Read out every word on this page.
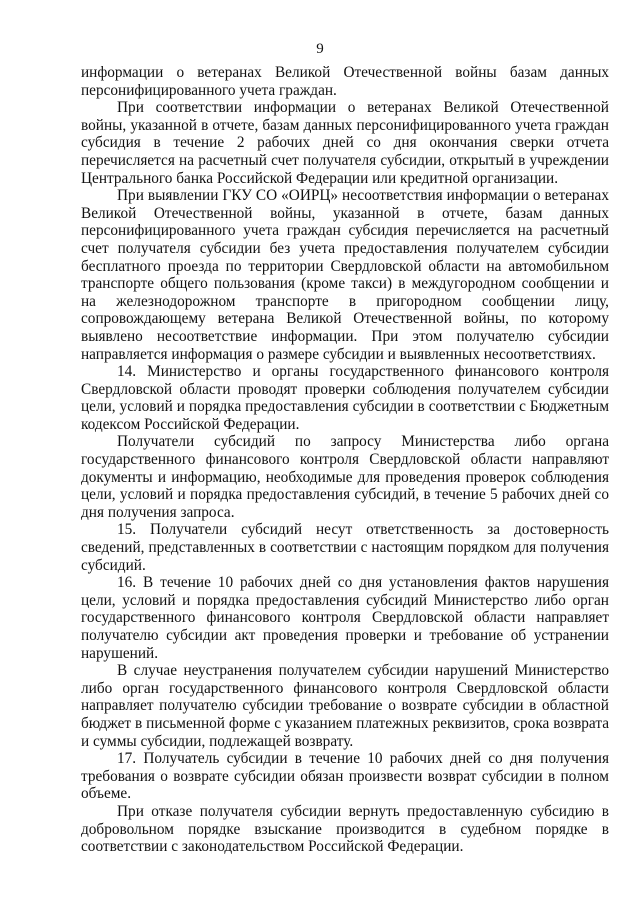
9

информации о ветеранах Великой Отечественной войны базам данных персонифицированного учета граждан.

При соответствии информации о ветеранах Великой Отечественной войны, указанной в отчете, базам данных персонифицированного учета граждан субсидия в течение 2 рабочих дней со дня окончания сверки отчета перечисляется на расчетный счет получателя субсидии, открытый в учреждении Центрального банка Российской Федерации или кредитной организации.

При выявлении ГКУ СО «ОИРЦ» несоответствия информации о ветеранах Великой Отечественной войны, указанной в отчете, базам данных персонифицированного учета граждан субсидия перечисляется на расчетный счет получателя субсидии без учета предоставления получателем субсидии бесплатного проезда по территории Свердловской области на автомобильном транспорте общего пользования (кроме такси) в междугородном сообщении и на железнодорожном транспорте в пригородном сообщении лицу, сопровождающему ветерана Великой Отечественной войны, по которому выявлено несоответствие информации. При этом получателю субсидии направляется информация о размере субсидии и выявленных несоответствиях.

14. Министерство и органы государственного финансового контроля Свердловской области проводят проверки соблюдения получателем субсидии цели, условий и порядка предоставления субсидии в соответствии с Бюджетным кодексом Российской Федерации.

Получатели субсидий по запросу Министерства либо органа государственного финансового контроля Свердловской области направляют документы и информацию, необходимые для проведения проверок соблюдения цели, условий и порядка предоставления субсидий, в течение 5 рабочих дней со дня получения запроса.

15. Получатели субсидий несут ответственность за достоверность сведений, представленных в соответствии с настоящим порядком для получения субсидий.

16. В течение 10 рабочих дней со дня установления фактов нарушения цели, условий и порядка предоставления субсидий Министерство либо орган государственного финансового контроля Свердловской области направляет получателю субсидии акт проведения проверки и требование об устранении нарушений.

В случае неустранения получателем субсидии нарушений Министерство либо орган государственного финансового контроля Свердловской области направляет получателю субсидии требование о возврате субсидии в областной бюджет в письменной форме с указанием платежных реквизитов, срока возврата и суммы субсидии, подлежащей возврату.

17. Получатель субсидии в течение 10 рабочих дней со дня получения требования о возврате субсидии обязан произвести возврат субсидии в полном объеме.

При отказе получателя субсидии вернуть предоставленную субсидию в добровольном порядке взыскание производится в судебном порядке в соответствии с законодательством Российской Федерации.
